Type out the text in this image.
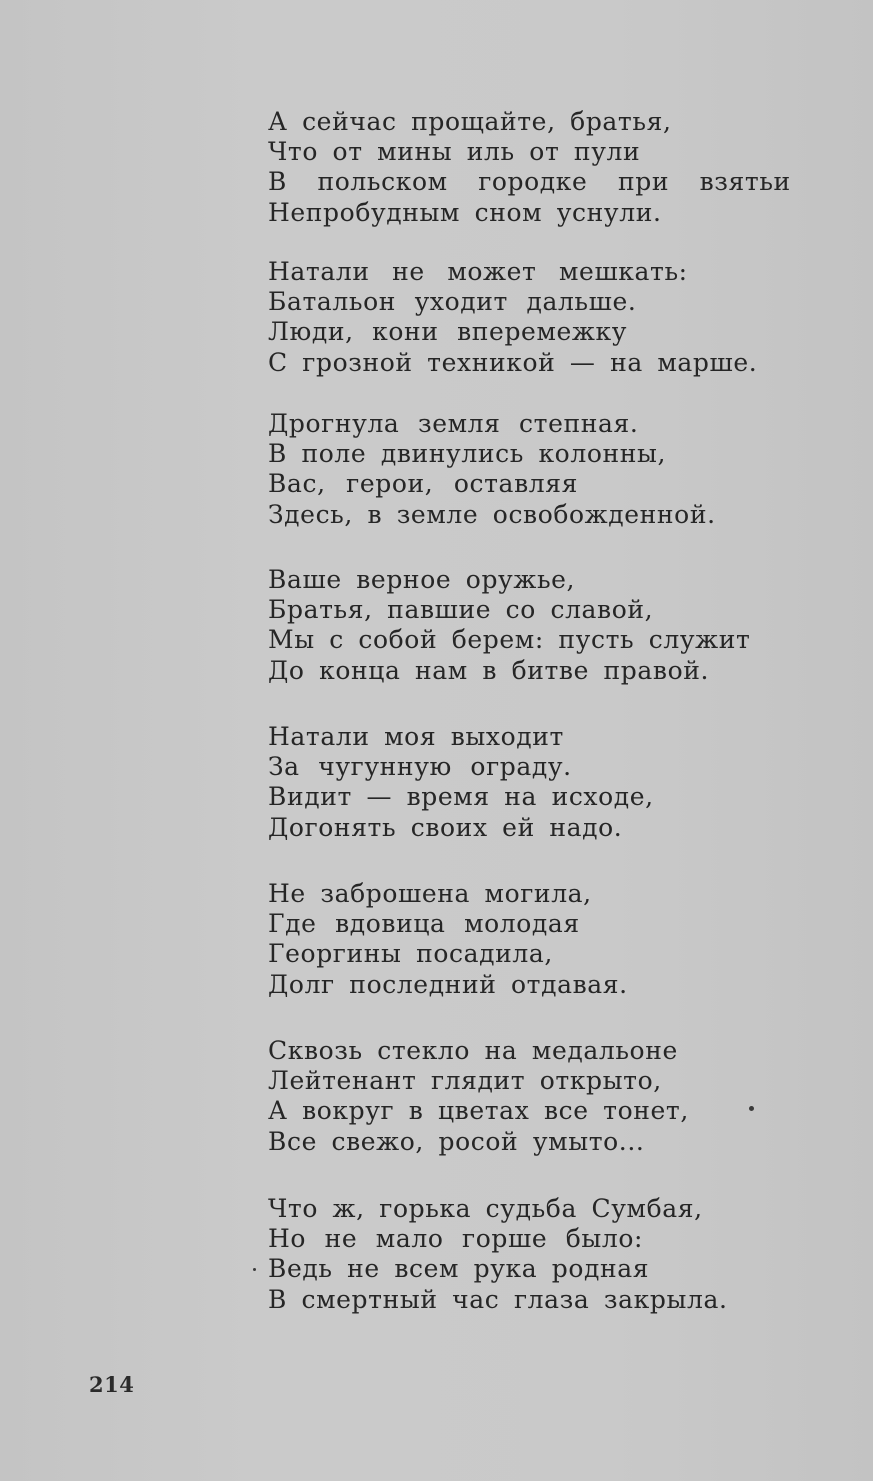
А сейчас прощайте, братья,
Что от мины иль от пули
В польском городке при взятьи
Непробудным сном уснули.
Натали не может мешкать:
Батальон уходит дальше.
Люди, кони вперемежку
С грозной техникой — на марше.
Дрогнула земля степная.
В поле двинулись колонны,
Вас, герои, оставляя
Здесь, в земле освобожденной.
Ваше верное оружье,
Братья, павшие со славой,
Мы с собой берем: пусть служит
До конца нам в битве правой.
Натали моя выходит
За чугунную ограду.
Видит — время на исходе,
Догонять своих ей надо.
Не заброшена могила,
Где вдовица молодая
Георгины посадила,
Долг последний отдавая.
Сквозь стекло на медальоне
Лейтенант глядит открыто,
А вокруг в цветах все тонет,
Все свежо, росой умыто...
Что ж, горька судьба Сумбая,
Но не мало горше было:
Ведь не всем рука родная
В смертный час глаза закрыла.
214
